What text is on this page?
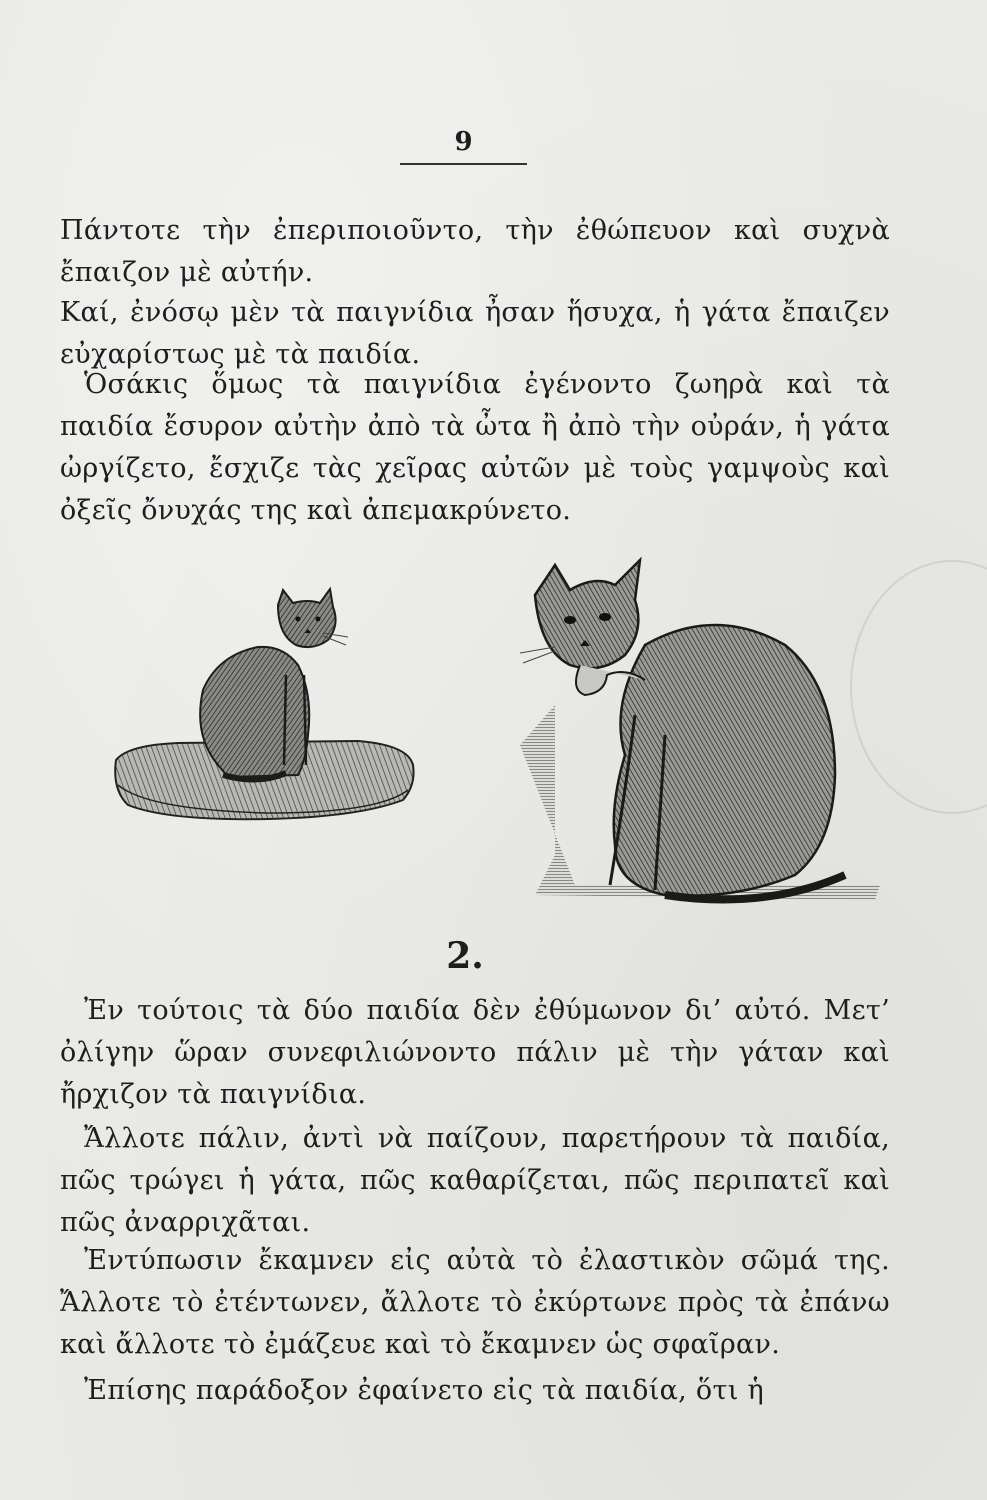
9

Πάντοτε τὴν ἐπεριποιοῦντο, τὴν ἐθώπευον καὶ συχνὰ ἔπαιζον μὲ αὐτήν.

Καί, ἐνόσῳ μὲν τὰ παιγνίδια ἦσαν ἥσυχα, ἡ γάτα ἔπαιζεν εὐχαρίστως μὲ τὰ παιδία.

Ὁσάκις ὅμως τὰ παιγνίδια ἐγένοντο ζωηρὰ καὶ τὰ παιδία ἔσυρον αὐτὴν ἀπὸ τὰ ὦτα ἢ ἀπὸ τὴν οὐράν, ἡ γάτα ὠργίζετο, ἔσχιζε τὰς χεῖρας αὐτῶν μὲ τοὺς γαμψοὺς καὶ ὀξεῖς ὄνυχάς της καὶ ἀπεμακρύνετο.

2.

Ἐν τούτοις τὰ δύο παιδία δὲν ἐθύμωνον δι’ αὐτό. Μετ’ ὀλίγην ὥραν συνεφιλιώνοντο πάλιν μὲ τὴν γάταν καὶ ἤρχιζον τὰ παιγνίδια.

Ἄλλοτε πάλιν, ἀντὶ νὰ παίζουν, παρετήρουν τὰ παιδία, πῶς τρώγει ἡ γάτα, πῶς καθαρίζεται, πῶς περιπατεῖ καὶ πῶς ἀναρριχᾶται.

Ἐντύπωσιν ἔκαμνεν εἰς αὐτὰ τὸ ἐλαστικὸν σῶμά της. Ἄλλοτε τὸ ἐτέντωνεν, ἄλλοτε τὸ ἐκύρτωνε πρὸς τὰ ἐπάνω καὶ ἄλλοτε τὸ ἐμάζευε καὶ τὸ ἔκαμνεν ὡς σφαῖραν.

Ἐπίσης παράδοξον ἐφαίνετο εἰς τὰ παιδία, ὅτι ἡ
